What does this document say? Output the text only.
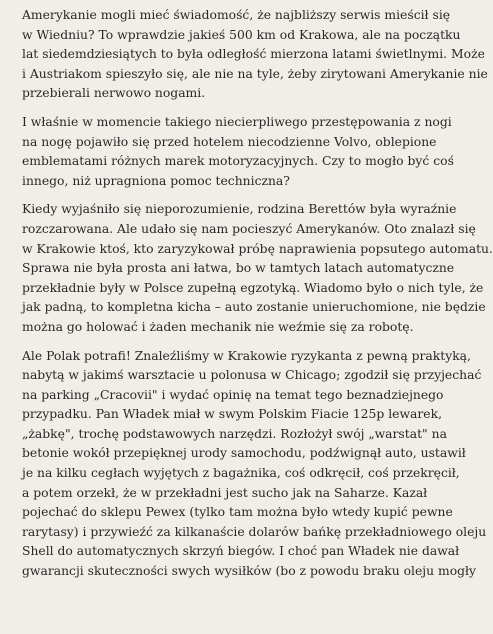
Amerykanie mogli mieć świadomość, że najbliższy serwis mieścił się
w Wiedniu? To wprawdzie jakieś 500 km od Krakowa, ale na początku
lat siedemdziesiątych to była odległość mierzona latami świetlnymi. Może
i Austriakom spieszyło się, ale nie na tyle, żeby zirytowani Amerykanie nie
przebierali nerwowo nogami.

I właśnie w momencie takiego niecierpliwego przestępowania z nogi
na nogę pojawiło się przed hotelem niecodzienne Volvo, oblepione
emblematami różnych marek motoryzacyjnych. Czy to mogło być coś
innego, niż upragniona pomoc techniczna?

Kiedy wyjaśniło się nieporozumienie, rodzina Berettów była wyraźnie
rozczarowana. Ale udało się nam pocieszyć Amerykanów. Oto znalazł się
w Krakowie ktoś, kto zaryzykował próbę naprawienia popsutego automatu.
Sprawa nie była prosta ani łatwa, bo w tamtych latach automatyczne
przekładnie były w Polsce zupełną egzotyką. Wiadomo było o nich tyle, że
jak padną, to kompletna kicha – auto zostanie unieruchomione, nie będzie
można go holować i żaden mechanik nie weźmie się za robotę.

Ale Polak potrafi! Znaleźliśmy w Krakowie ryzykanta z pewną praktyką,
nabytą w jakimś warsztacie u polonusa w Chicago; zgodził się przyjechać
na parking „Cracovii" i wydać opinię na temat tego beznadziejnego
przypadku. Pan Władek miał w swym Polskim Fiacie 125p lewarek,
„żabkę", trochę podstawowych narzędzi. Rozłożył swój „warstat" na
betonie wokół przepięknej urody samochodu, podźwignął auto, ustawił
je na kilku cegłach wyjętych z bagażnika, coś odkręcił, coś przekręcił,
a potem orzekł, że w przekładni jest sucho jak na Saharze. Kazał
pojechać do sklepu Pewex (tylko tam można było wtedy kupić pewne
rarytasy) i przywieźć za kilkanaście dolarów bańkę przekładniowego oleju
Shell do automatycznych skrzyń biegów. I choć pan Władek nie dawał
gwarancji skuteczności swych wysiłków (bo z powodu braku oleju mogły
